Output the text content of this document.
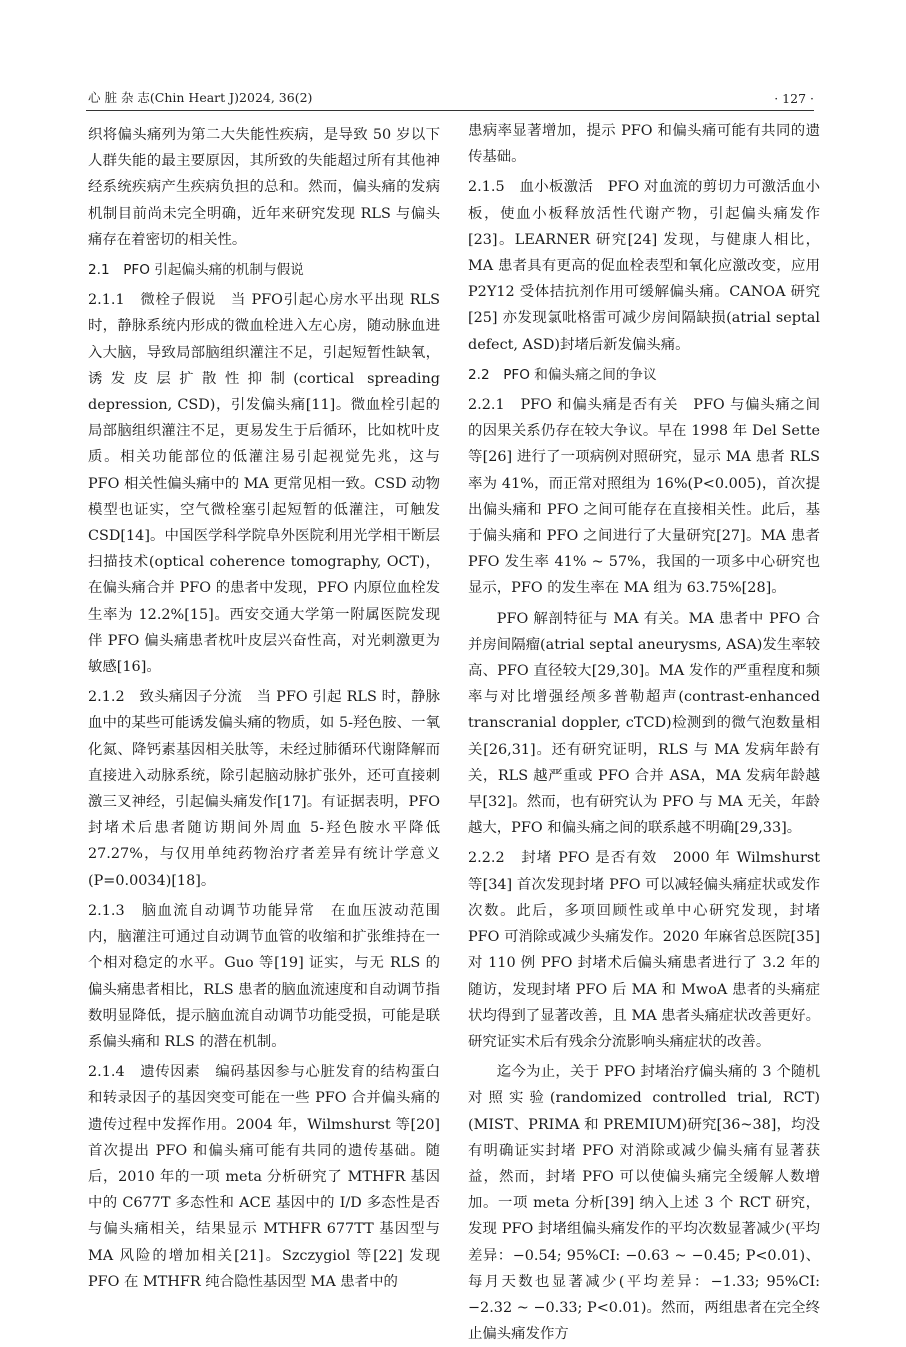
心 脏 杂 志(Chin Heart J)2024, 36(2)	· 127 ·

织将偏头痛列为第二大失能性疾病，是导致 50 岁以下人群失能的最主要原因，其所致的失能超过所有其他神经系统疾病产生疾病负担的总和。然而，偏头痛的发病机制目前尚未完全明确，近年来研究发现 RLS 与偏头痛存在着密切的相关性。

2.1　PFO 引起偏头痛的机制与假说

2.1.1　微栓子假说　当 PFO引起心房水平出现 RLS 时，静脉系统内形成的微血栓进入左心房，随动脉血进入大脑，导致局部脑组织灌注不足，引起短暂性缺氧，诱发皮层扩散性抑制(cortical spreading depression, CSD)，引发偏头痛[11]。微血栓引起的局部脑组织灌注不足，更易发生于后循环，比如枕叶皮质。相关功能部位的低灌注易引起视觉先兆，这与 PFO 相关性偏头痛中的 MA 更常见相一致。CSD 动物模型也证实，空气微栓塞引起短暂的低灌注，可触发 CSD[14]。中国医学科学院阜外医院利用光学相干断层扫描技术(optical coherence tomography, OCT)，在偏头痛合并 PFO 的患者中发现，PFO 内原位血栓发生率为 12.2%[15]。西安交通大学第一附属医院发现伴 PFO 偏头痛患者枕叶皮层兴奋性高，对光刺激更为敏感[16]。

2.1.2　致头痛因子分流　当 PFO 引起 RLS 时，静脉血中的某些可能诱发偏头痛的物质，如 5-羟色胺、一氧化氮、降钙素基因相关肽等，未经过肺循环代谢降解而直接进入动脉系统，除引起脑动脉扩张外，还可直接刺激三叉神经，引起偏头痛发作[17]。有证据表明，PFO 封堵术后患者随访期间外周血 5-羟色胺水平降低 27.27%，与仅用单纯药物治疗者差异有统计学意义(P=0.0034)[18]。

2.1.3　脑血流自动调节功能异常　在血压波动范围内，脑灌注可通过自动调节血管的收缩和扩张维持在一个相对稳定的水平。Guo 等[19] 证实，与无 RLS 的偏头痛患者相比，RLS 患者的脑血流速度和自动调节指数明显降低，提示脑血流自动调节功能受损，可能是联系偏头痛和 RLS 的潜在机制。

2.1.4　遗传因素　编码基因参与心脏发育的结构蛋白和转录因子的基因突变可能在一些 PFO 合并偏头痛的遗传过程中发挥作用。2004 年，Wilmshurst 等[20] 首次提出 PFO 和偏头痛可能有共同的遗传基础。随后，2010 年的一项 meta 分析研究了 MTHFR 基因中的 C677T 多态性和 ACE 基因中的 I/D 多态性是否与偏头痛相关，结果显示 MTHFR 677TT 基因型与 MA 风险的增加相关[21]。Szczygiol 等[22] 发现 PFO 在 MTHFR 纯合隐性基因型 MA 患者中的

患病率显著增加，提示 PFO 和偏头痛可能有共同的遗传基础。

2.1.5　血小板激活　PFO 对血流的剪切力可激活血小板，使血小板释放活性代谢产物，引起偏头痛发作[23]。LEARNER 研究[24] 发现，与健康人相比，MA 患者具有更高的促血栓表型和氧化应激改变，应用 P2Y12 受体拮抗剂作用可缓解偏头痛。CANOA 研究[25] 亦发现氯吡格雷可减少房间隔缺损(atrial septal defect, ASD)封堵后新发偏头痛。

2.2　PFO 和偏头痛之间的争议

2.2.1　PFO 和偏头痛是否有关　PFO 与偏头痛之间的因果关系仍存在较大争议。早在 1998 年 Del Sette 等[26] 进行了一项病例对照研究，显示 MA 患者 RLS 率为 41%，而正常对照组为 16%(P<0.005)，首次提出偏头痛和 PFO 之间可能存在直接相关性。此后，基于偏头痛和 PFO 之间进行了大量研究[27]。MA 患者 PFO 发生率 41% ~ 57%，我国的一项多中心研究也显示，PFO 的发生率在 MA 组为 63.75%[28]。

PFO 解剖特征与 MA 有关。MA 患者中 PFO 合并房间隔瘤(atrial septal aneurysms, ASA)发生率较高、PFO 直径较大[29,30]。MA 发作的严重程度和频率与对比增强经颅多普勒超声(contrast-enhanced transcranial doppler, cTCD)检测到的微气泡数量相关[26,31]。还有研究证明，RLS 与 MA 发病年龄有关，RLS 越严重或 PFO 合并 ASA，MA 发病年龄越早[32]。然而，也有研究认为 PFO 与 MA 无关，年龄越大，PFO 和偏头痛之间的联系越不明确[29,33]。

2.2.2　封堵 PFO 是否有效　2000 年 Wilmshurst 等[34] 首次发现封堵 PFO 可以减轻偏头痛症状或发作次数。此后，多项回顾性或单中心研究发现，封堵 PFO 可消除或减少头痛发作。2020 年麻省总医院[35] 对 110 例 PFO 封堵术后偏头痛患者进行了 3.2 年的随访，发现封堵 PFO 后 MA 和 MwoA 患者的头痛症状均得到了显著改善，且 MA 患者头痛症状改善更好。研究证实术后有残余分流影响头痛症状的改善。

迄今为止，关于 PFO 封堵治疗偏头痛的 3 个随机对照实验(randomized controlled trial, RCT)(MIST、PRIMA 和 PREMIUM)研究[36~38]，均没有明确证实封堵 PFO 对消除或减少偏头痛有显著获益，然而，封堵 PFO 可以使偏头痛完全缓解人数增加。一项 meta 分析[39] 纳入上述 3 个 RCT 研究，发现 PFO 封堵组偏头痛发作的平均次数显著减少(平均差异：−0.54; 95%CI: −0.63 ~ −0.45; P<0.01)、每月天数也显著减少(平均差异：−1.33; 95%CI: −2.32 ~ −0.33; P<0.01)。然而，两组患者在完全终止偏头痛发作方
